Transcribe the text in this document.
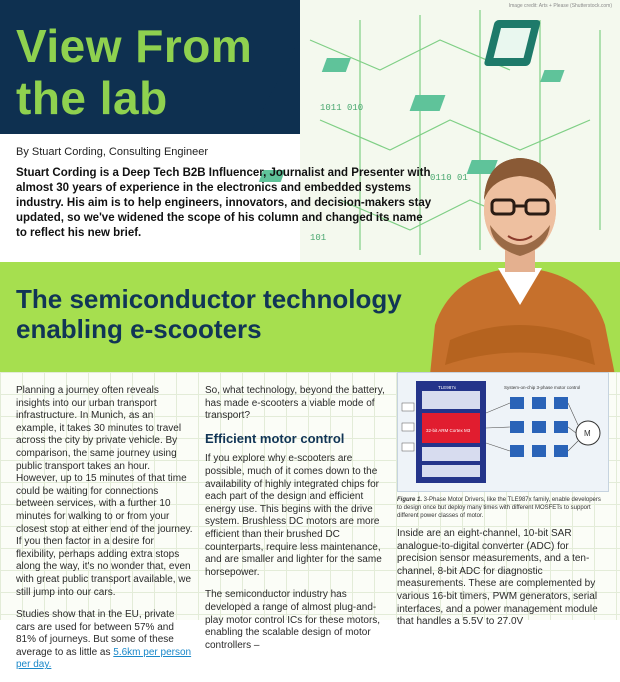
1011 010
0110 01
101
Image credit: Arts + Please (Shutterstock.com)
View From
the lab
By Stuart Cording, Consulting Engineer
Stuart Cording is a Deep Tech B2B Influencer, Journalist and Presenter with almost 30 years of experience in the electronics and embedded systems industry. His aim is to help engineers, innovators, and decision-makers stay updated, so we've widened the scope of his column and changed its name to reflect his new brief.
The semiconductor technology enabling e-scooters

Planning a journey often reveals insights into our urban transport infrastructure. In Munich, as an example, it takes 30 minutes to travel across the city by private vehicle. By comparison, the same journey using public transport takes an hour. However, up to 15 minutes of that time could be waiting for connections between services, with a further 10 minutes for walking to or from your closest stop at either end of the journey. If you then factor in a desire for flexibility, perhaps adding extra stops along the way, it's no wonder that, even with great public transport available, we still jump into our cars.

Studies show that in the EU, private cars are used for between 57% and 81% of journeys. But some of these average to as little as 5.6km per person per day.

So, what technology, beyond the battery, has made e-scooters a viable mode of transport?

Efficient motor control

If you explore why e-scooters are possible, much of it comes down to the availability of highly integrated chips for each part of the design and efficient energy use. This begins with the drive system. Brushless DC motors are more efficient than their brushed DC counterparts, require less maintenance, and are smaller and lighter for the same horsepower.

The semiconductor industry has developed a range of almost plug-and-play motor control ICs for these motors, enabling the scalable design of motor controllers –

M
TLE987x	System-on-chip 3-phase motor control
32-bit ARM Cortex M3
Figure 1. 3-Phase Motor Drivers, like the TLE987x family, enable developers to design once but deploy many times with different MOSFETs to support different power classes of motor.

Inside are an eight-channel, 10-bit SAR analogue-to-digital converter (ADC) for precision sensor measurements, and a ten-channel, 8-bit ADC for diagnostic measurements. These are complemented by various 16-bit timers, PWM generators, serial interfaces, and a power management module that handles a 5.5V to 27.0V
